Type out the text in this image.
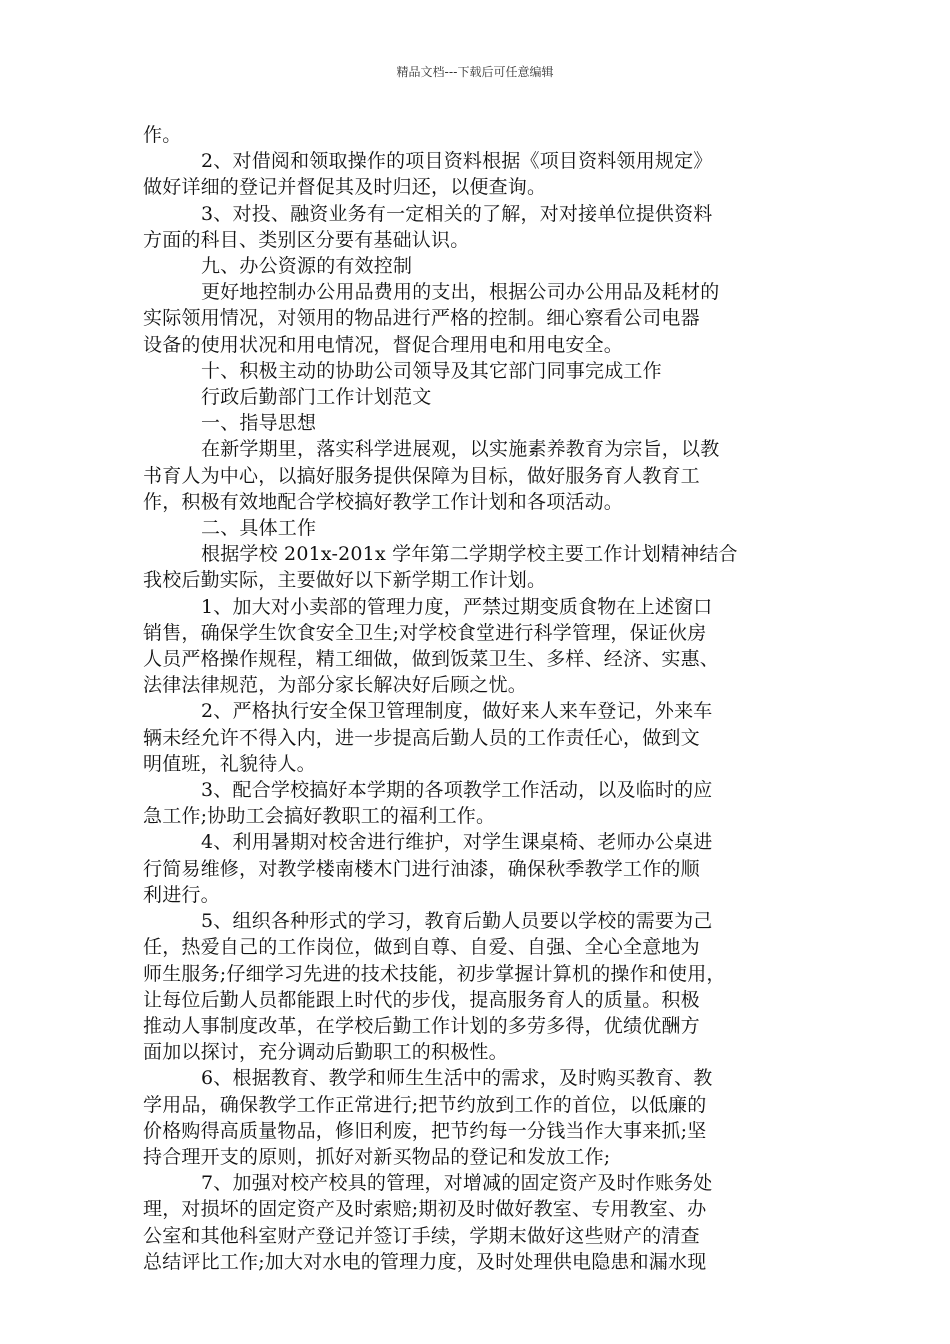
精品文档---下载后可任意编辑
作。
2、对借阅和领取操作的项目资料根据《项目资料领用规定》
做好详细的登记并督促其及时归还，以便查询。
3、对投、融资业务有一定相关的了解，对对接单位提供资料
方面的科目、类别区分要有基础认识。
九、办公资源的有效控制
更好地控制办公用品费用的支出，根据公司办公用品及耗材的
实际领用情况，对领用的物品进行严格的控制。细心察看公司电器
设备的使用状况和用电情况，督促合理用电和用电安全。
十、积极主动的协助公司领导及其它部门同事完成工作
行政后勤部门工作计划范文
一、指导思想
在新学期里，落实科学进展观，以实施素养教育为宗旨，以教
书育人为中心，以搞好服务提供保障为目标，做好服务育人教育工
作，积极有效地配合学校搞好教学工作计划和各项活动。
二、具体工作
根据学校 201x-201x 学年第二学期学校主要工作计划精神结合
我校后勤实际，主要做好以下新学期工作计划。
1、加大对小卖部的管理力度，严禁过期变质食物在上述窗口
销售，确保学生饮食安全卫生;对学校食堂进行科学管理，保证伙房
人员严格操作规程，精工细做，做到饭菜卫生、多样、经济、实惠、
法律法律规范，为部分家长解决好后顾之忧。
2、严格执行安全保卫管理制度，做好来人来车登记，外来车
辆未经允许不得入内，进一步提高后勤人员的工作责任心，做到文
明值班，礼貌待人。
3、配合学校搞好本学期的各项教学工作活动，以及临时的应
急工作;协助工会搞好教职工的福利工作。
4、利用暑期对校舍进行维护，对学生课桌椅、老师办公桌进
行简易维修，对教学楼南楼木门进行油漆，确保秋季教学工作的顺
利进行。
5、组织各种形式的学习，教育后勤人员要以学校的需要为己
任，热爱自己的工作岗位，做到自尊、自爱、自强、全心全意地为
师生服务;仔细学习先进的技术技能，初步掌握计算机的操作和使用，
让每位后勤人员都能跟上时代的步伐，提高服务育人的质量。积极
推动人事制度改革，在学校后勤工作计划的多劳多得，优绩优酬方
面加以探讨，充分调动后勤职工的积极性。
6、根据教育、教学和师生生活中的需求，及时购买教育、教
学用品，确保教学工作正常进行;把节约放到工作的首位，以低廉的
价格购得高质量物品，修旧利废，把节约每一分钱当作大事来抓;坚
持合理开支的原则，抓好对新买物品的登记和发放工作;
7、加强对校产校具的管理，对增减的固定资产及时作账务处
理，对损坏的固定资产及时索赔;期初及时做好教室、专用教室、办
公室和其他科室财产登记并签订手续，学期末做好这些财产的清查
总结评比工作;加大对水电的管理力度，及时处理供电隐患和漏水现
